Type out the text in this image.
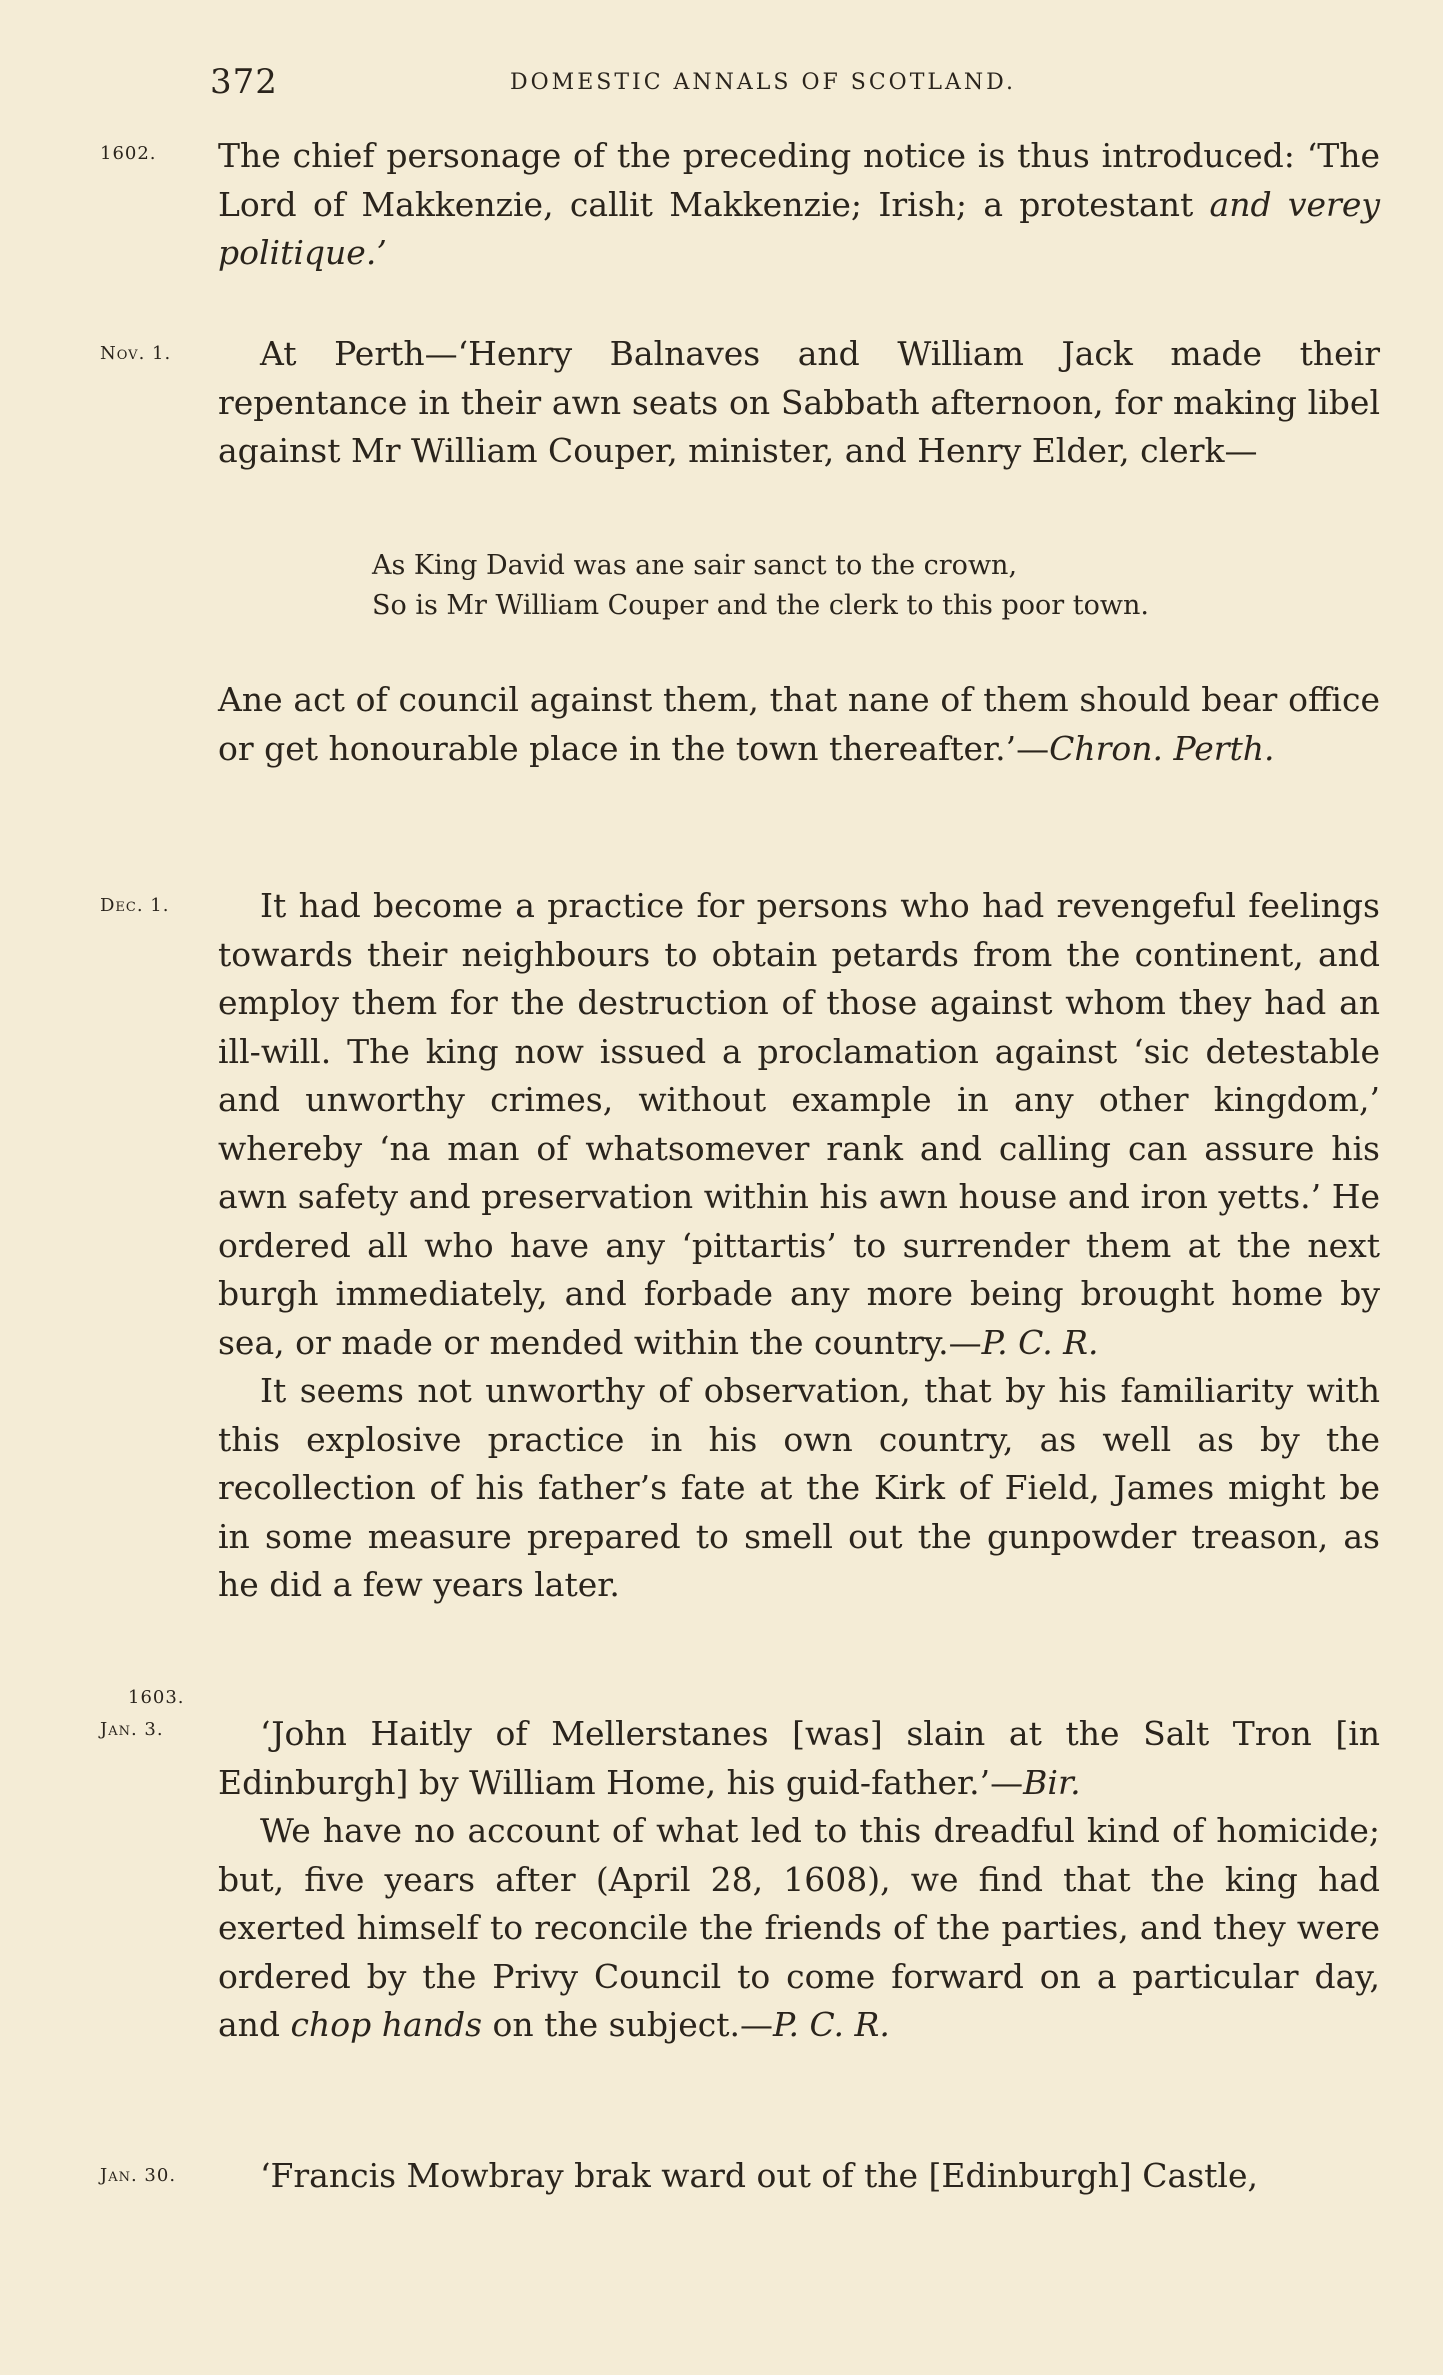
372	DOMESTIC ANNALS OF SCOTLAND.
1602.	The chief personage of the preceding notice is thus introduced: ‘The Lord of Makkenzie, callit Makkenzie; Irish; a protestant and verey politique.’

Nov. 1.	At Perth—‘Henry Balnaves and William Jack made their repentance in their awn seats on Sabbath afternoon, for making libel against Mr William Couper, minister, and Henry Elder, clerk—

As King David was ane sair sanct to the crown,
So is Mr William Couper and the clerk to this poor town.

Ane act of council against them, that nane of them should bear office or get honourable place in the town thereafter.’—Chron. Perth.

Dec. 1.	It had become a practice for persons who had revengeful feelings towards their neighbours to obtain petards from the continent, and employ them for the destruction of those against whom they had an ill-will. The king now issued a proclamation against ‘sic detestable and unworthy crimes, without example in any other kingdom,’ whereby ‘na man of whatsomever rank and calling can assure his awn safety and preservation within his awn house and iron yetts.’ He ordered all who have any ‘pittartis’ to surrender them at the next burgh immediately, and forbade any more being brought home by sea, or made or mended within the country.—P. C. R.

It seems not unworthy of observation, that by his familiarity with this explosive practice in his own country, as well as by the recollection of his father’s fate at the Kirk of Field, James might be in some measure prepared to smell out the gunpowder treason, as he did a few years later.

1603.
Jan. 3.	‘John Haitly of Mellerstanes [was] slain at the Salt Tron [in Edinburgh] by William Home, his guid-father.’—Bir.

We have no account of what led to this dreadful kind of homicide; but, five years after (April 28, 1608), we find that the king had exerted himself to reconcile the friends of the parties, and they were ordered by the Privy Council to come forward on a particular day, and chop hands on the subject.—P. C. R.

Jan. 30.	‘Francis Mowbray brak ward out of the [Edinburgh] Castle,
